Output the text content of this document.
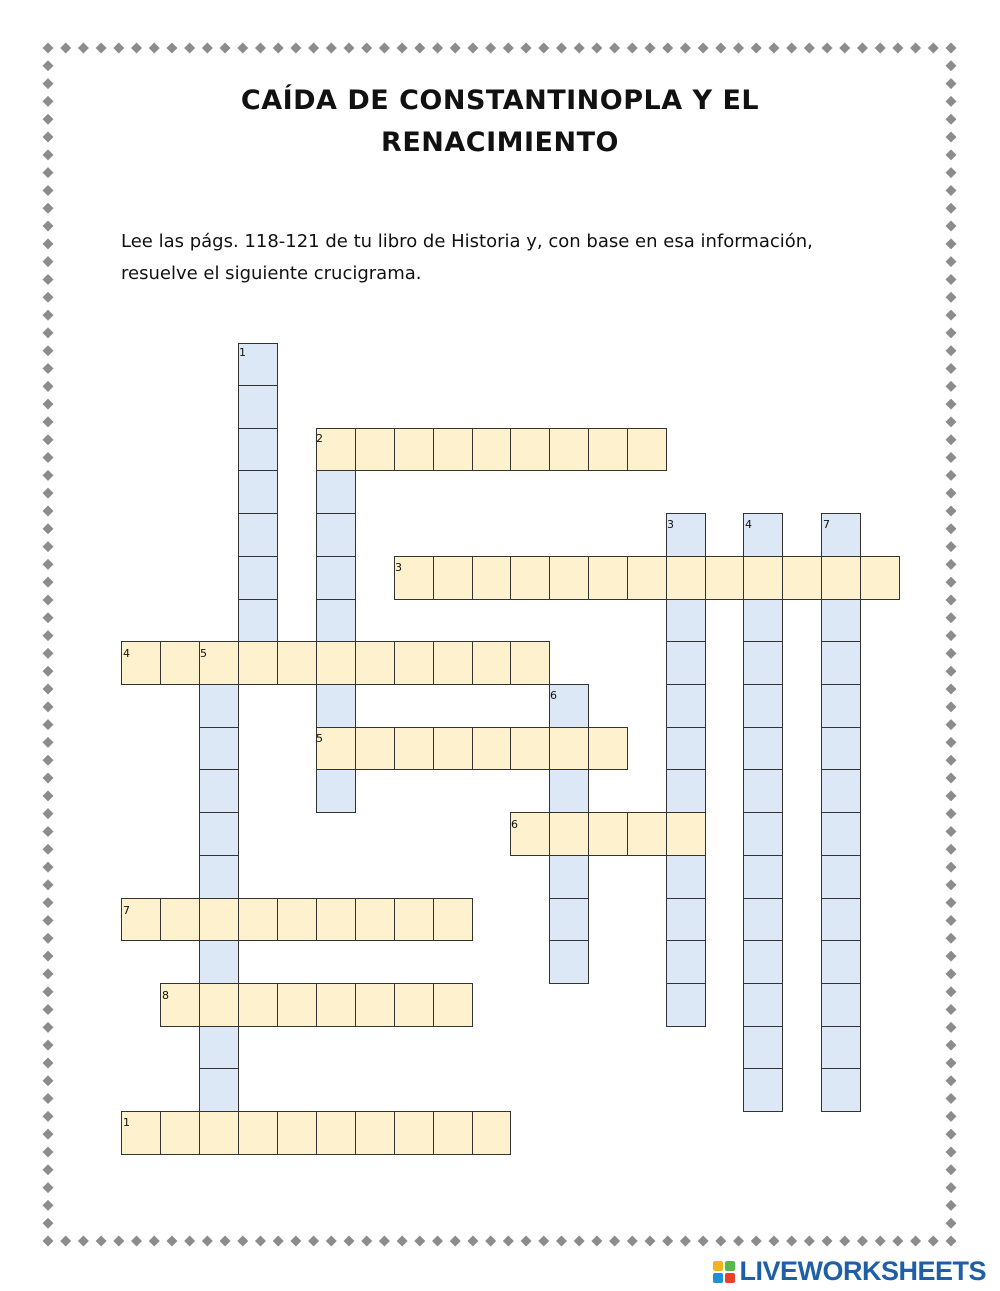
CAÍDA DE CONSTANTINOPLA Y EL
RENACIMIENTO
Lee las págs. 118-121 de tu libro de Historia y, con base en esa información,
resuelve el siguiente crucigrama.
1
2
3	4	7
3
4	5
6
5
6
7
8
1
LIVEWORKSHEETS
